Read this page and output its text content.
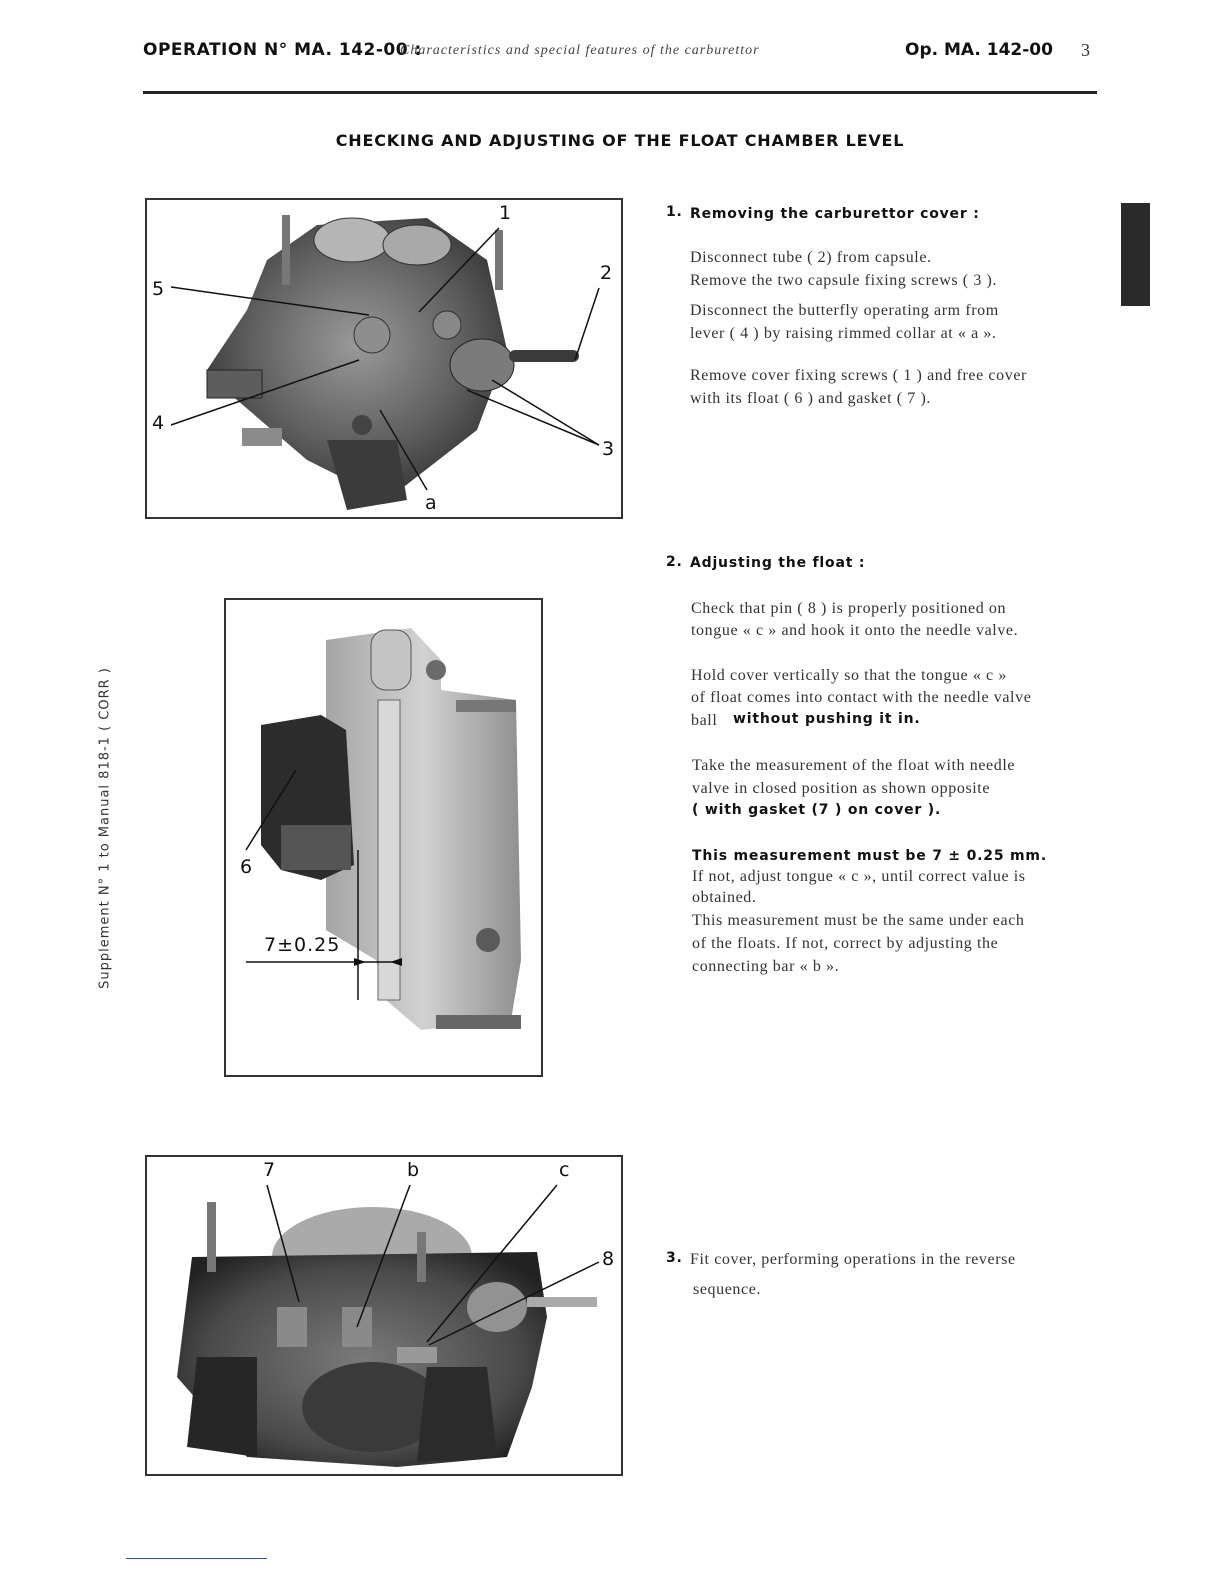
OPERATION N° MA. 142-00 :
Characteristics and special features of the carburettor	Op. MA. 142-00 3
CHECKING AND ADJUSTING OF THE FLOAT CHAMBER LEVEL
Supplement N° 1 to Manual 818-1 ( CORR )
1
2
3
4
5
a
6
7±0.25
7	b	c
8
1. Removing the carburettor cover :
Disconnect tube ( 2) from capsule.
Remove the two capsule fixing screws ( 3 ).
Disconnect the butterfly operating arm from
lever ( 4 ) by raising rimmed collar at « a ».
Remove cover fixing screws ( 1 ) and free cover
with its float ( 6 ) and gasket ( 7 ).
2. Adjusting the float :
Check that pin ( 8 ) is properly positioned on
tongue « c » and hook it onto the needle valve.
Hold cover vertically so that the tongue « c »
of float comes into contact with the needle valve
ball without pushing it in.
Take the measurement of the float with needle
valve in closed position as shown opposite
( with gasket (7 ) on cover ).
This measurement must be 7 ± 0.25 mm.
If not, adjust tongue « c », until correct value is
obtained.
This measurement must be the same under each
of the floats. If not, correct by adjusting the
connecting bar « b ».
3. Fit cover, performing operations in the reverse
sequence.
